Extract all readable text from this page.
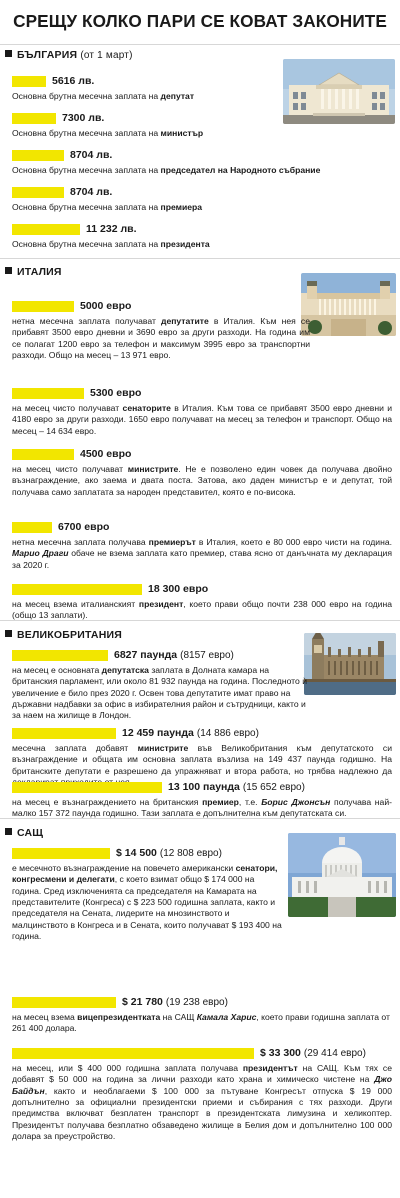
СРЕЩУ КОЛКО ПАРИ СЕ КОВАТ ЗАКОНИТЕ
БЪЛГАРИЯ (от 1 март)
5616 лв.
Основна брутна месечна заплата на депутат
7300 лв.
Основна брутна месечна заплата на министър
8704 лв.
Основна брутна месечна заплата на председател на Народното събрание
8704 лв.
Основна брутна месечна заплата на премиера
11 232 лв.
Основна брутна месечна заплата на президента
ИТАЛИЯ
5000 евро
нетна месечна заплата получават депутатите в Италия. Към нея се прибавят 3500 евро дневни и 3690 евро за други разходи. На година им се полагат 1200 евро за телефон и максимум 3995 евро за транспортни разходи. Общо на месец – 13 971 евро.
5300 евро
на месец чисто получават сенаторите в Италия. Към това се прибавят 3500 евро дневни и 4180 евро за други разходи. 1650 евро получават на месец за телефон и транспорт. Общо на месец – 14 634 евро.
4500 евро
на месец чисто получават министрите. Не е позволено един човек да получава двойно възнаграждение, ако заема и двата поста. Затова, ако даден министър е и депутат, той получава само заплатата за народен представител, която е по-висока.
6700 евро
нетна месечна заплата получава премиерът в Италия, което е 80 000 евро чисти на година. Марио Драги обаче не взема заплата като премиер, става ясно от данъчната му декларация за 2020 г.
18 300 евро
на месец взема италианският президент, което прави общо почти 238 000 евро на година (общо 13 заплати).
ВЕЛИКОБРИТАНИЯ
6827 паунда (8157 евро)
на месец е основната депутатска заплата в Долната камара на британския парламент, или около 81 932 паунда на година. Последното ѝ увеличение е било през 2020 г. Освен това депутатите имат право на държавни надбавки за офис в избирателния район и сътрудници, както и за наем на жилище в Лондон.
12 459 паунда (14 886 евро)
месечна заплата добавят министрите във Великобритания към депутатското си възнаграждение и общата им основна заплата възлиза на 149 437 паунда годишно. На британските депутати е разрешено да упражняват и втора работа, но трябва надлежно да
13 100 паунда (15 652 евро)
на месец е възнаграждението на британския премиер, т.е. Борис Джонсън получава най-малко 157 372 паунда годишно. Тази заплата е допълнителна към депутатската си.
САЩ
$ 14 500 (12 808 евро)
е месечното възнаграждение на повечето американски сенатори, конгресмени и делегати, с което взимат общо $ 174 000 на година. Сред изключенията са председателя на Камарата на представителите (Конгреса) с $ 223 500 годишна заплата, както и председателя на Сената, лидерите на мнозинството и малцинството в Конгреса и в Сената, които получават $ 193 400 на година.
$ 21 780 (19 238 евро)
на месец взема вицепрезидентката на САЩ Камала Харис, което прави годишна заплата от 261 400 долара.
$ 33 300 (29 414 евро)
на месец, или $ 400 000 годишна заплата получава президентът на САЩ. Към тях се добавят $ 50 000 на година за лични разходи като храна и химическо чистене на Джо Байдън, както и необлагаеми $ 100 000 за пътуване Конгресът отпуска $ 19 000 допълнително за официални президентски приеми и събирания с тях разходи. Други предимства включват безплатен транспорт в президентската лимузина и хеликоптер. Президентът получава безплатно обзаведено жилище в Белия дом и допълнително 100 000 долара за преустройство.
